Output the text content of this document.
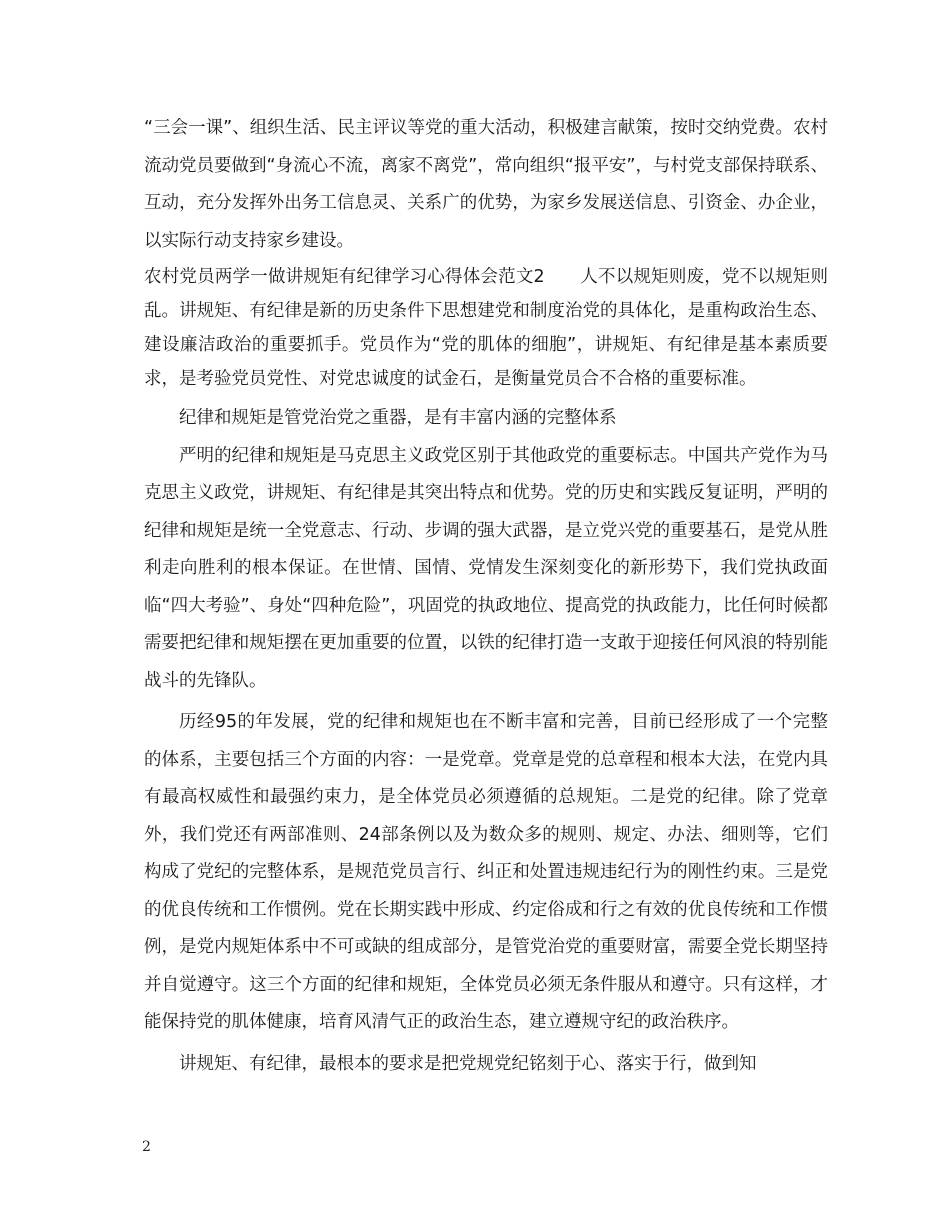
“三会一课”、组织生活、民主评议等党的重大活动，积极建言献策，按时交纳党费。农村流动党员要做到“身流心不流，离家不离党”，常向组织“报平安”，与村党支部保持联系、互动，充分发挥外出务工信息灵、关系广的优势，为家乡发展送信息、引资金、办企业，以实际行动支持家乡建设。

农村党员两学一做讲规矩有纪律学习心得体会范文2　　人不以规矩则废，党不以规矩则乱。讲规矩、有纪律是新的历史条件下思想建党和制度治党的具体化，是重构政治生态、建设廉洁政治的重要抓手。党员作为“党的肌体的细胞”，讲规矩、有纪律是基本素质要求，是考验党员党性、对党忠诚度的试金石，是衡量党员合不合格的重要标准。

纪律和规矩是管党治党之重器，是有丰富内涵的完整体系

严明的纪律和规矩是马克思主义政党区别于其他政党的重要标志。中国共产党作为马克思主义政党，讲规矩、有纪律是其突出特点和优势。党的历史和实践反复证明，严明的纪律和规矩是统一全党意志、行动、步调的强大武器，是立党兴党的重要基石，是党从胜利走向胜利的根本保证。在世情、国情、党情发生深刻变化的新形势下，我们党执政面临“四大考验”、身处“四种危险”，巩固党的执政地位、提高党的执政能力，比任何时候都需要把纪律和规矩摆在更加重要的位置，以铁的纪律打造一支敢于迎接任何风浪的特别能战斗的先锋队。

历经95的年发展，党的纪律和规矩也在不断丰富和完善，目前已经形成了一个完整的体系，主要包括三个方面的内容：一是党章。党章是党的总章程和根本大法，在党内具有最高权威性和最强约束力，是全体党员必须遵循的总规矩。二是党的纪律。除了党章外，我们党还有两部准则、24部条例以及为数众多的规则、规定、办法、细则等，它们构成了党纪的完整体系，是规范党员言行、纠正和处置违规违纪行为的刚性约束。三是党的优良传统和工作惯例。党在长期实践中形成、约定俗成和行之有效的优良传统和工作惯例，是党内规矩体系中不可或缺的组成部分，是管党治党的重要财富，需要全党长期坚持并自觉遵守。这三个方面的纪律和规矩，全体党员必须无条件服从和遵守。只有这样，才能保持党的肌体健康，培育风清气正的政治生态，建立遵规守纪的政治秩序。

讲规矩、有纪律，最根本的要求是把党规党纪铭刻于心、落实于行，做到知

2
